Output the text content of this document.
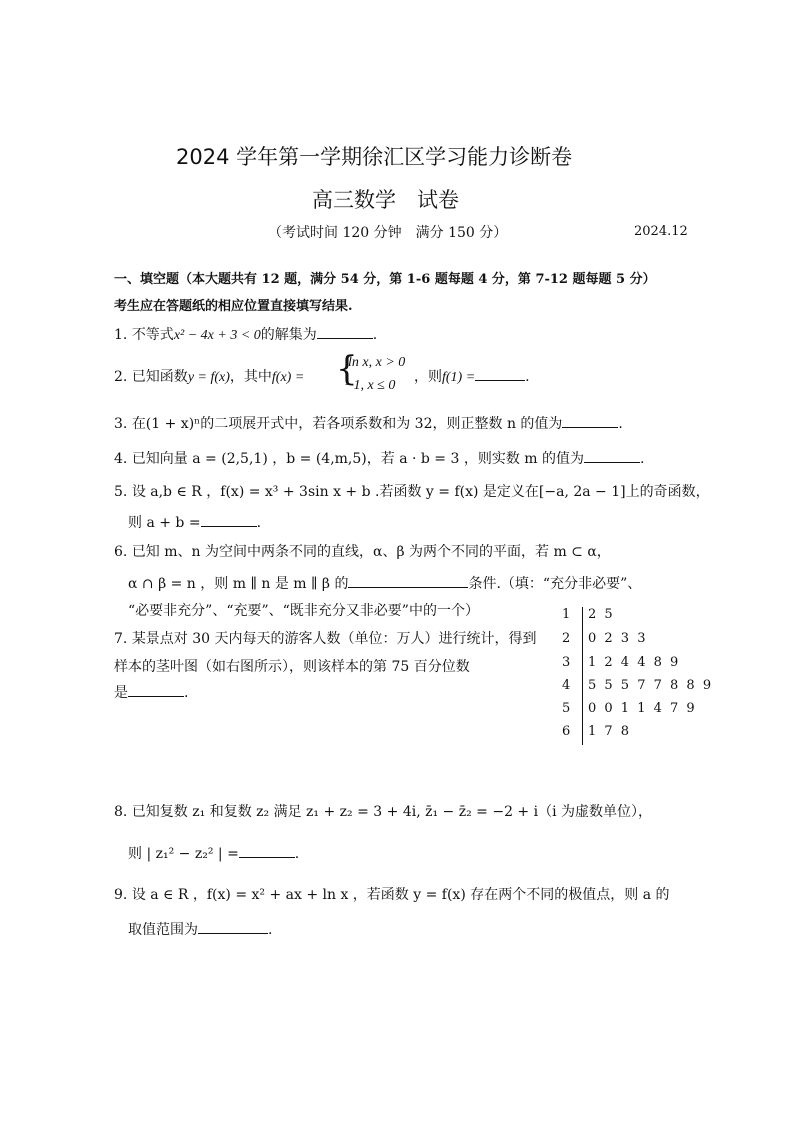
2024 学年第一学期徐汇区学习能力诊断卷
高三数学　试卷
（考试时间 120 分钟　满分 150 分）	2024.12
一、填空题（本大题共有 12 题，满分 54 分，第 1-6 题每题 4 分，第 7-12 题每题 5 分）
考生应在答题纸的相应位置直接填写结果.
1. 不等式x² − 4x + 3 < 0的解集为	.
2. 已知函数y = f(x)，其中f(x) = {
ln x, x > 0
−1, x ≤ 0
，则f(1) =	.
3. 在(1 + x)ⁿ的二项展开式中，若各项系数和为 32，则正整数 n 的值为	.
4. 已知向量 a = (2,5,1) ，b = (4,m,5)，若 a · b = 3 ，则实数 m 的值为	.
5. 设 a,b ∈ R ，f(x) = x³ + 3sin x + b .若函数 y = f(x) 是定义在[−a, 2a − 1]上的奇函数，
则 a + b =	.
6. 已知 m、n 为空间中两条不同的直线，α、β 为两个不同的平面，若 m ⊂ α，
α ∩ β = n ，则 m ∥ n 是 m ∥ β 的	条件.（填：“充分非必要”、
“必要非充分”、“充要”、“既非充分又非必要”中的一个）
7. 某景点对 30 天内每天的游客人数（单位：万人）进行统计，得到
样本的茎叶图（如右图所示），则该样本的第 75 百分位数
是	.
1 2 5
2 0 2 3 3
3 1 2 4 4 8 9
4 5 5 5 7 7 8 8 9
5 0 0 1 1 4 7 9
6 1 7 8
8. 已知复数 z₁ 和复数 z₂ 满足 z₁ + z₂ = 3 + 4i, z̄₁ − z̄₂ = −2 + i（i 为虚数单位），
则 | z₁² − z₂² | =	.
9. 设 a ∈ R ，f(x) = x² + ax + ln x ，若函数 y = f(x) 存在两个不同的极值点，则 a 的
取值范围为	.
